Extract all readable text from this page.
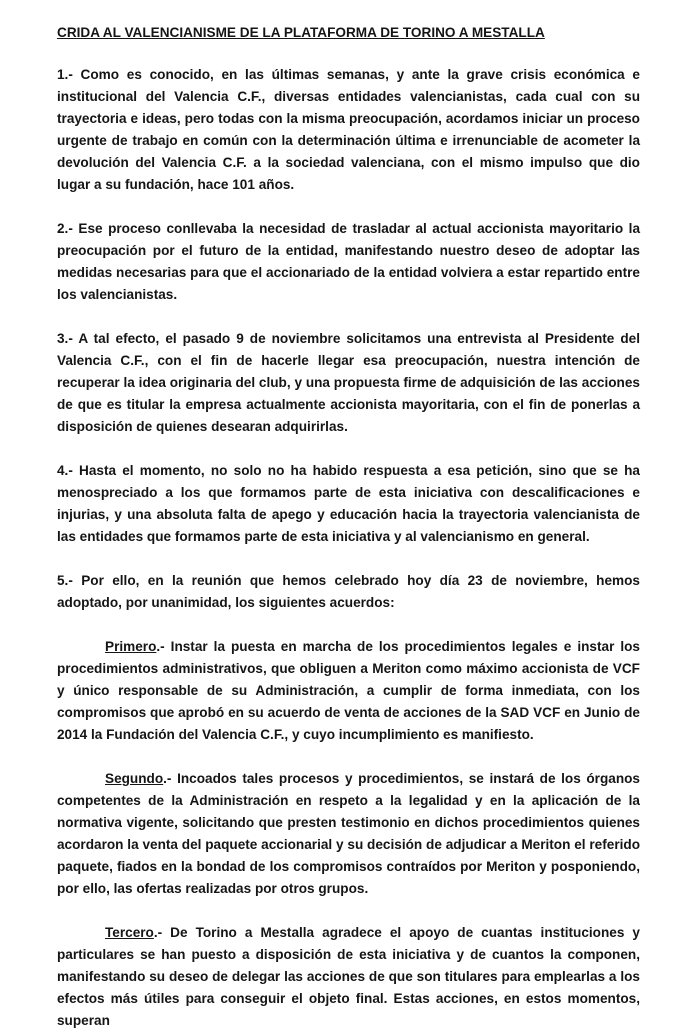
CRIDA AL VALENCIANISME DE LA PLATAFORMA DE TORINO A MESTALLA

1.- Como es conocido, en las últimas semanas, y ante la grave crisis económica e institucional del Valencia C.F., diversas entidades valencianistas, cada cual con su trayectoria e ideas, pero todas con la misma preocupación, acordamos iniciar un proceso urgente de trabajo en común con la determinación última e irrenunciable de acometer la devolución del Valencia C.F. a la sociedad valenciana, con el mismo impulso que dio lugar a su fundación, hace 101 años.

2.- Ese proceso conllevaba la necesidad de trasladar al actual accionista mayoritario la preocupación por el futuro de la entidad, manifestando nuestro deseo de adoptar las medidas necesarias para que el accionariado de la entidad volviera a estar repartido entre los valencianistas.

3.- A tal efecto, el pasado 9 de noviembre solicitamos una entrevista al Presidente del Valencia C.F., con el fin de hacerle llegar esa preocupación, nuestra intención de recuperar la idea originaria del club, y una propuesta firme de adquisición de las acciones de que es titular la empresa actualmente accionista mayoritaria, con el fin de ponerlas a disposición de quienes desearan adquirirlas.

4.- Hasta el momento, no solo no ha habido respuesta a esa petición, sino que se ha menospreciado a los que formamos parte de esta iniciativa con descalificaciones e injurias, y una absoluta falta de apego y educación hacia la trayectoria valencianista de las entidades que formamos parte de esta iniciativa y al valencianismo en general.

5.- Por ello, en la reunión que hemos celebrado hoy día 23 de noviembre, hemos adoptado, por unanimidad, los siguientes acuerdos:

Primero.- Instar la puesta en marcha de los procedimientos legales e instar los procedimientos administrativos, que obliguen a Meriton como máximo accionista de VCF y único responsable de su Administración, a cumplir de forma inmediata, con los compromisos que aprobó en su acuerdo de venta de acciones de la SAD VCF en Junio de 2014 la Fundación del Valencia C.F., y cuyo incumplimiento es manifiesto.

Segundo.- Incoados tales procesos y procedimientos, se instará de los órganos competentes de la Administración en respeto a la legalidad y en la aplicación de la normativa vigente, solicitando que presten testimonio en dichos procedimientos quienes acordaron la venta del paquete accionarial y su decisión de adjudicar a Meriton el referido paquete, fiados en la bondad de los compromisos contraídos por Meriton y posponiendo, por ello, las ofertas realizadas por otros grupos.

Tercero.- De Torino a Mestalla agradece el apoyo de cuantas instituciones y particulares se han puesto a disposición de esta iniciativa y de cuantos la componen, manifestando su deseo de delegar las acciones de que son titulares para emplearlas a los efectos más útiles para conseguir el objeto final. Estas acciones, en estos momentos, superan
